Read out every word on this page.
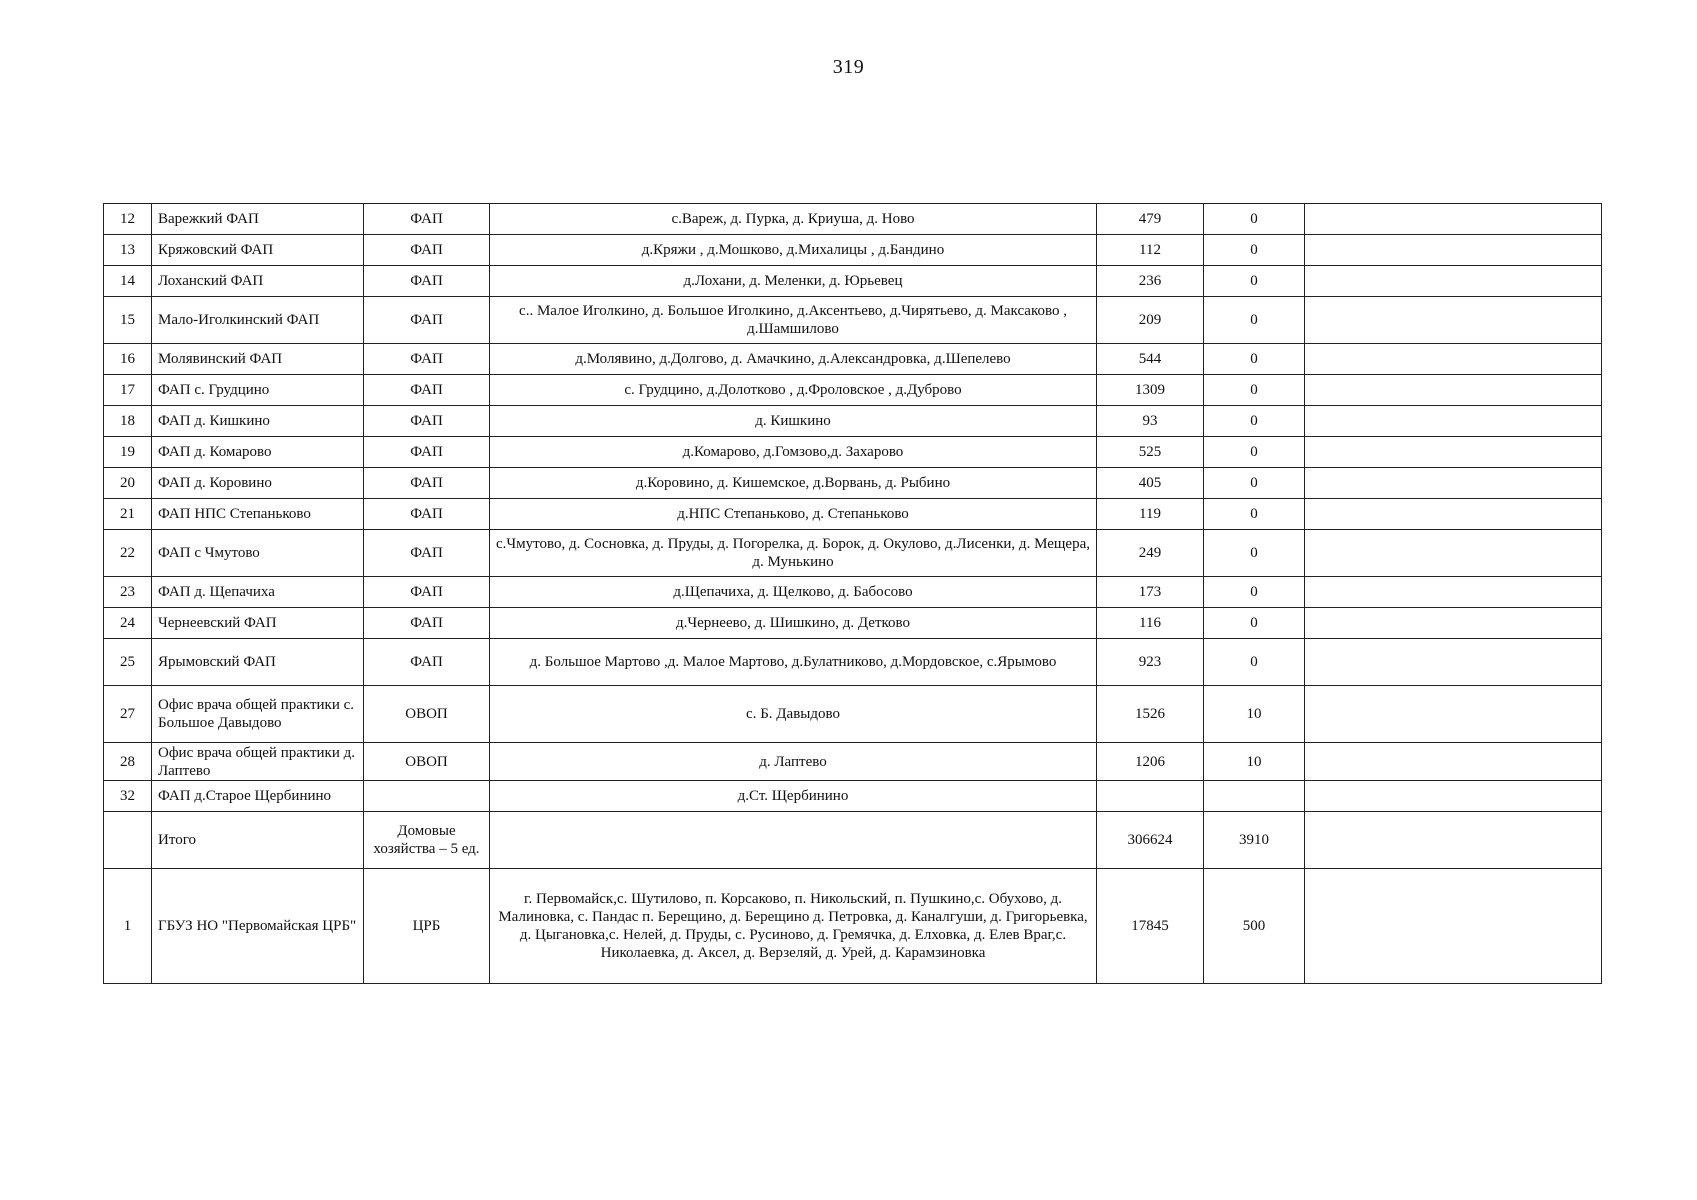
319
12	Варежкий ФАП	ФАП	с.Вареж, д. Пурка, д. Криуша, д. Ново	479	0	
13	Кряжовский ФАП	ФАП	д.Кряжи , д.Мошково, д.Михалицы , д.Бандино	112	0	
14	Лоханский ФАП	ФАП	д.Лохани, д. Меленки, д. Юрьевец	236	0	
15	Мало-Иголкинский ФАП	ФАП	с.. Малое Иголкино, д. Большое Иголкино, д.Аксентьево, д.Чирятьево, д. Максаково , д.Шамшилово	209	0	
16	Молявинский ФАП	ФАП	д.Молявино, д.Долгово, д. Амачкино, д.Александровка, д.Шепелево	544	0	
17	ФАП с. Грудцино	ФАП	с. Грудцино, д.Долотково , д.Фроловское , д.Дуброво	1309	0	
18	ФАП д. Кишкино	ФАП	д. Кишкино	93	0	
19	ФАП д. Комарово	ФАП	д.Комарово, д.Гомзово,д. Захарово	525	0	
20	ФАП д. Коровино	ФАП	д.Коровино, д. Кишемское, д.Ворвань, д. Рыбино	405	0	
21	ФАП НПС Степаньково	ФАП	д.НПС Степаньково, д. Степаньково	119	0	
22	ФАП с Чмутово	ФАП	с.Чмутово, д. Сосновка, д. Пруды, д. Погорелка, д. Борок, д. Окулово, д.Лисенки, д. Мещера, д. Мунькино	249	0	
23	ФАП д. Щепачиха	ФАП	д.Щепачиха, д. Щелково, д. Бабосово	173	0	
24	Чернеевский ФАП	ФАП	д.Чернеево, д. Шишкино, д. Детково	116	0	
25	Ярымовский ФАП	ФАП	д. Большое Мартово ,д. Малое Мартово, д.Булатниково, д.Мордовское, с.Ярымово	923	0	
27	Офис врача общей практики с. Большое Давыдово	ОВОП	с. Б. Давыдово	1526	10	
28	Офис врача общей практики д. Лаптево	ОВОП	д. Лаптево	1206	10	
32	ФАП д.Старое Щербинино		д.Ст. Щербинино			
	Итого	Домовые хозяйства – 5 ед.		306624	3910	
1	ГБУЗ НО "Первомайская ЦРБ"	ЦРБ	г. Первомайск,с. Шутилово, п. Корсаково, п. Никольский, п. Пушкино,с. Обухово, д. Малиновка, с. Пандас п. Берещино, д. Берещино д. Петровка, д. Каналгуши, д. Григорьевка, д. Цыгановка,с. Нелей, д. Пруды, с. Русиново, д. Гремячка, д. Елховка, д. Елев Враг,с. Николаевка, д. Аксел, д. Верзеляй, д. Урей, д. Карамзиновка	17845	500	
